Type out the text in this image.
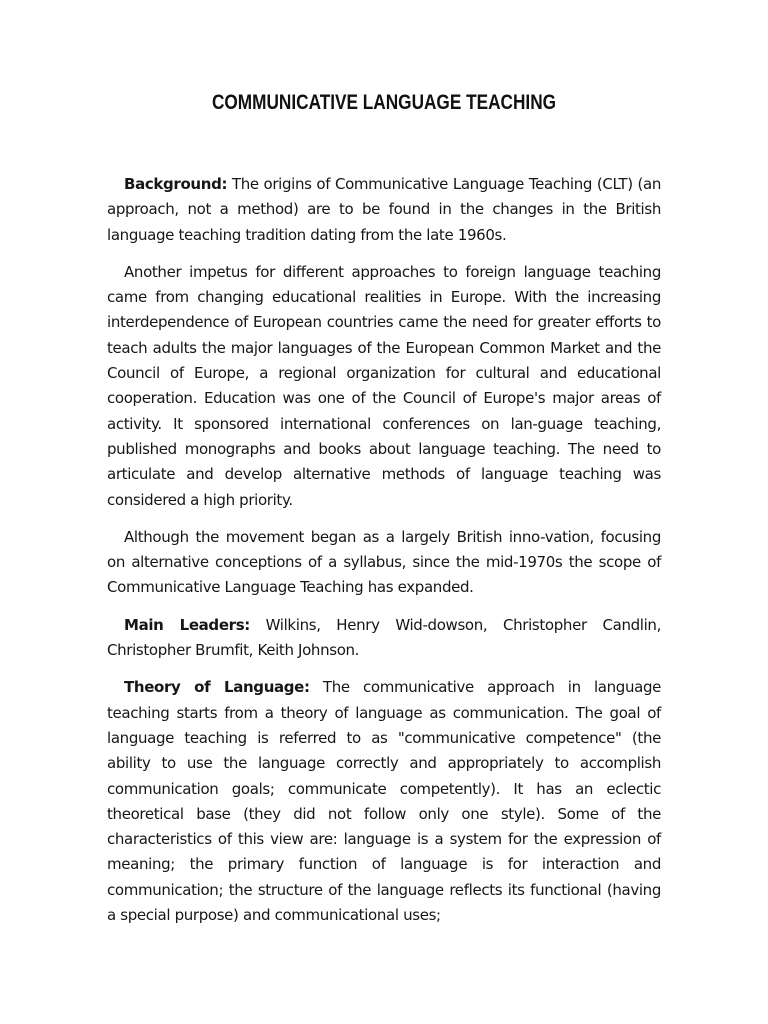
COMMUNICATIVE LANGUAGE TEACHING

Background: The origins of Communicative Language Teaching (CLT) (an approach, not a method) are to be found in the changes in the British language teaching tradition dating from the late 1960s.

Another impetus for different approaches to foreign language teaching came from changing educational realities in Europe. With the increasing interdependence of European countries came the need for greater efforts to teach adults the major languages of the European Common Market and the Council of Europe, a regional organization for cultural and educational cooperation. Education was one of the Council of Europe's major areas of activity. It sponsored international conferences on lan-guage teaching, published monographs and books about language teaching. The need to articulate and develop alternative methods of language teaching was considered a high priority.

Although the movement began as a largely British inno-vation, focusing on alternative conceptions of a syllabus, since the mid-1970s the scope of Communicative Language Teaching has expanded.

Main Leaders: Wilkins, Henry Wid-dowson, Christopher Candlin, Christopher Brumfit, Keith Johnson.

Theory of Language: The communicative approach in language teaching starts from a theory of language as communication. The goal of language teaching is referred to as "communicative competence" (the ability to use the language correctly and appropriately to accomplish communication goals; communicate competently). It has an eclectic theoretical base (they did not follow only one style). Some of the characteristics of this view are: language is a system for the expression of meaning; the primary function of language is for interaction and communication; the structure of the language reflects its functional (having a special purpose) and communicational uses;
